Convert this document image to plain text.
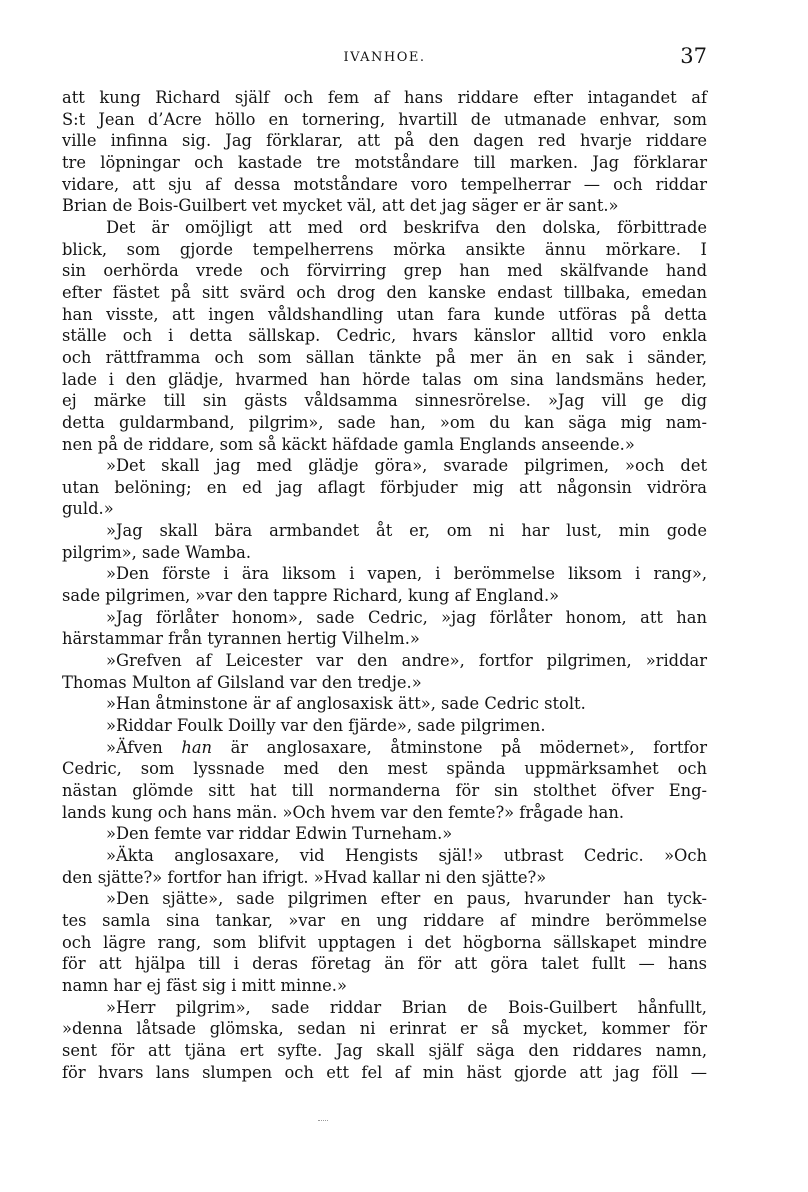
IVANHOE.	37
att kung Richard själf och fem af hans riddare efter intagandet af
S:t Jean d’Acre höllo en tornering, hvartill de utmanade enhvar, som
ville infinna sig. Jag förklarar, att på den dagen red hvarje riddare
tre löpningar och kastade tre motståndare till marken. Jag förklarar
vidare, att sju af dessa motståndare voro tempelherrar — och riddar
Brian de Bois-Guilbert vet mycket väl, att det jag säger er är sant.»
Det är omöjligt att med ord beskrifva den dolska, förbittrade
blick, som gjorde tempelherrens mörka ansikte ännu mörkare. I
sin oerhörda vrede och förvirring grep han med skälfvande hand
efter fästet på sitt svärd och drog den kanske endast tillbaka, emedan
han visste, att ingen våldshandling utan fara kunde utföras på detta
ställe och i detta sällskap. Cedric, hvars känslor alltid voro enkla
och rättframma och som sällan tänkte på mer än en sak i sänder,
lade i den glädje, hvarmed han hörde talas om sina landsmäns heder,
ej märke till sin gästs våldsamma sinnesrörelse. »Jag vill ge dig
detta guldarmband, pilgrim», sade han, »om du kan säga mig nam-
nen på de riddare, som så käckt häfdade gamla Englands anseende.»
»Det skall jag med glädje göra», svarade pilgrimen, »och det
utan belöning; en ed jag aflagt förbjuder mig att någonsin vidröra
guld.»
»Jag skall bära armbandet åt er, om ni har lust, min gode
pilgrim», sade Wamba.
»Den förste i ära liksom i vapen, i berömmelse liksom i rang»,
sade pilgrimen, »var den tappre Richard, kung af England.»
»Jag förlåter honom», sade Cedric, »jag förlåter honom, att han
härstammar från tyrannen hertig Vilhelm.»
»Grefven af Leicester var den andre», fortfor pilgrimen, »riddar
Thomas Multon af Gilsland var den tredje.»
»Han åtminstone är af anglosaxisk ätt», sade Cedric stolt.
»Riddar Foulk Doilly var den fjärde», sade pilgrimen.
»Äfven han är anglosaxare, åtminstone på mödernet», fortfor
Cedric, som lyssnade med den mest spända uppmärksamhet och
nästan glömde sitt hat till normanderna för sin stolthet öfver Eng-
lands kung och hans män. »Och hvem var den femte?» frågade han.
»Den femte var riddar Edwin Turneham.»
»Äkta anglosaxare, vid Hengists själ!» utbrast Cedric. »Och
den sjätte?» fortfor han ifrigt. »Hvad kallar ni den sjätte?»
»Den sjätte», sade pilgrimen efter en paus, hvarunder han tyck-
tes samla sina tankar, »var en ung riddare af mindre berömmelse
och lägre rang, som blifvit upptagen i det högborna sällskapet mindre
för att hjälpa till i deras företag än för att göra talet fullt — hans
namn har ej fäst sig i mitt minne.»
»Herr pilgrim», sade riddar Brian de Bois-Guilbert hånfullt,
»denna låtsade glömska, sedan ni erinrat er så mycket, kommer för
sent för att tjäna ert syfte. Jag skall själf säga den riddares namn,
för hvars lans slumpen och ett fel af min häst gjorde att jag föll —
